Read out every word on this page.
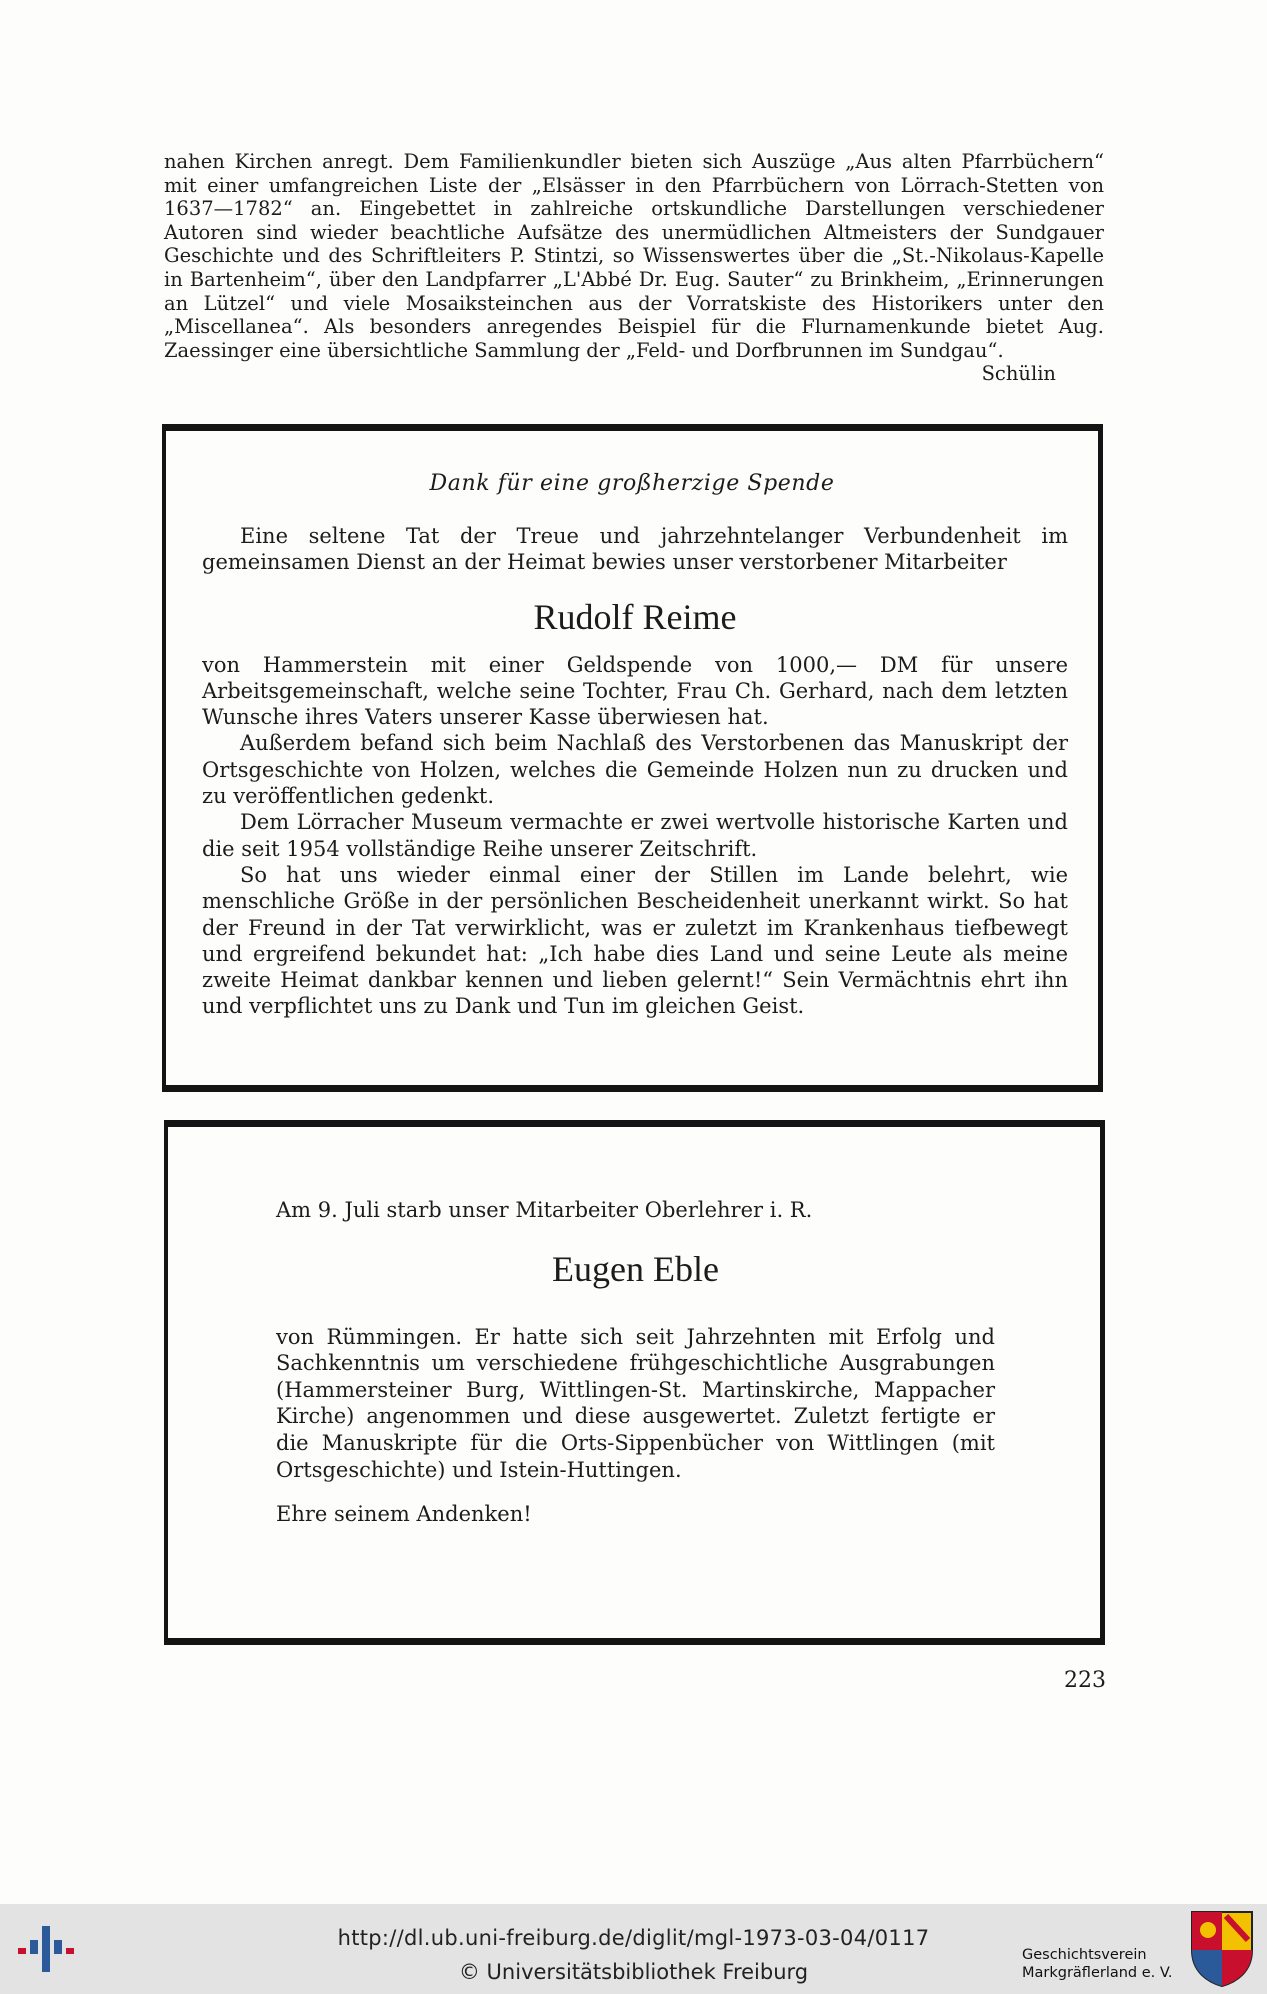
nahen Kirchen anregt. Dem Familienkundler bieten sich Auszüge „Aus alten Pfarrbüchern“ mit einer umfangreichen Liste der „Elsässer in den Pfarrbüchern von Lörrach-Stetten von 1637—1782“ an. Eingebettet in zahlreiche ortskundliche Darstellungen verschiedener Autoren sind wieder beachtliche Aufsätze des unermüdlichen Altmeisters der Sundgauer Geschichte und des Schriftleiters P. Stintzi, so Wissenswertes über die „St.-Nikolaus-Kapelle in Bartenheim“, über den Landpfarrer „L'Abbé Dr. Eug. Sauter“ zu Brinkheim, „Erinnerungen an Lützel“ und viele Mosaiksteinchen aus der Vorratskiste des Historikers unter den „Miscellanea“. Als besonders anregendes Beispiel für die Flurnamenkunde bietet Aug. Zaessinger eine übersichtliche Sammlung der „Feld- und Dorfbrunnen im Sundgau“.
Schülin
Dank für eine großherzige Spende

Eine seltene Tat der Treue und jahrzehntelanger Verbundenheit im gemeinsamen Dienst an der Heimat bewies unser verstorbener Mitarbeiter

Rudolf Reime

von Hammerstein mit einer Geldspende von 1000,— DM für unsere Arbeitsgemeinschaft, welche seine Tochter, Frau Ch. Gerhard, nach dem letzten Wunsche ihres Vaters unserer Kasse überwiesen hat.

Außerdem befand sich beim Nachlaß des Verstorbenen das Manuskript der Ortsgeschichte von Holzen, welches die Gemeinde Holzen nun zu drucken und zu veröffentlichen gedenkt.

Dem Lörracher Museum vermachte er zwei wertvolle historische Karten und die seit 1954 vollständige Reihe unserer Zeitschrift.

So hat uns wieder einmal einer der Stillen im Lande belehrt, wie menschliche Größe in der persönlichen Bescheidenheit unerkannt wirkt. So hat der Freund in der Tat verwirklicht, was er zuletzt im Krankenhaus tiefbewegt und ergreifend bekundet hat: „Ich habe dies Land und seine Leute als meine zweite Heimat dankbar kennen und lieben gelernt!“ Sein Vermächtnis ehrt ihn und verpflichtet uns zu Dank und Tun im gleichen Geist.

Am 9. Juli starb unser Mitarbeiter Oberlehrer i. R.

Eugen Eble

von Rümmingen. Er hatte sich seit Jahrzehnten mit Erfolg und Sachkenntnis um verschiedene frühgeschichtliche Ausgrabungen (Hammersteiner Burg, Wittlingen-St. Martinskirche, Mappacher Kirche) angenommen und diese ausgewertet. Zuletzt fertigte er die Manuskripte für die Orts-Sippenbücher von Wittlingen (mit Ortsgeschichte) und Istein-Huttingen.

Ehre seinem Andenken!

223
http://dl.ub.uni-freiburg.de/diglit/mgl-1973-03-04/0117
© Universitätsbibliothek Freiburg
Geschichtsverein
Markgräflerland e. V.
